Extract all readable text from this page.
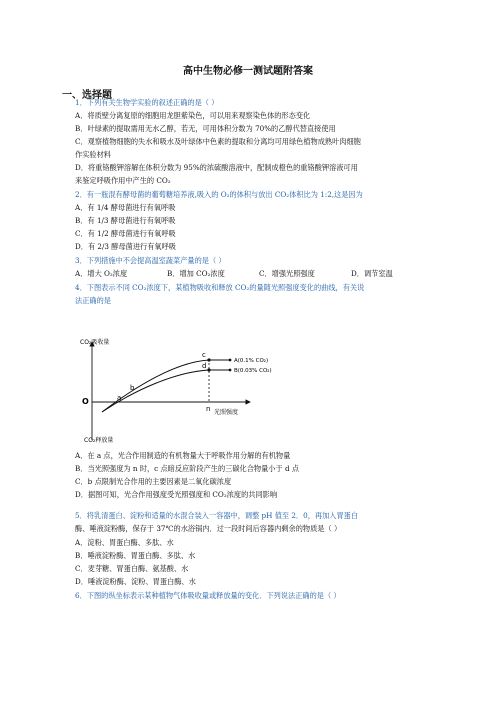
高中生物必修一测试题附答案
一、选择题
1．下列有关生物学实验的叙述正确的是（ ）
A．将质壁分离复原的细胞用龙胆紫染色，可以用来观察染色体的形态变化
B．叶绿素的提取需用无水乙醇，若无，可用体积分数为 70%的乙醇代替直接使用
C．观察植物细胞的失水和吸水及叶绿体中色素的提取和分离均可用绿色植物成熟叶肉细胞
作实验材料
D．将重铬酸钾溶解在体积分数为 95%的浓硫酸溶液中，配制成橙色的重铬酸钾溶液可用
来鉴定呼吸作用中产生的 CO₂
2．有一瓶混有酵母菌的葡萄糖培养液,吸入的 O₂的体积与放出 CO₂体积比为 1:2,这是因为
A．有 1/4 酵母菌进行有氧呼吸
B．有 1/3 酵母菌进行有氧呼吸
C．有 1/2 酵母菌进行有氧呼吸
D．有 2/3 酵母菌进行有氧呼吸
3．下列措施中不会提高温室蔬菜产量的是（ ）
A．增大 O₂浓度	B．增加 CO₂浓度	C．增强光照强度	D．调节室温
4．下图表示不同 CO₂浓度下，某植物吸收和释放 CO₂的量随光照强度变化的曲线，有关说
法正确的是
CO₂吸收量
CO₂释放量
光照强度
O
n
a
b
c
d
A(0.1% CO₂)
B(0.03% CO₂)
A．在 a 点，光合作用制造的有机物量大于呼吸作用分解的有机物量
B．当光照强度为 n 时，c 点暗反应阶段产生的三碳化合物量小于 d 点
C．b 点限制光合作用的主要因素是二氧化碳浓度
D．据图可知，光合作用强度受光照强度和 CO₂浓度的共同影响
5．将乳清蛋白、淀粉和适量的水混合装入一容器中，调整 pH 值至 2．0，再加入胃蛋白
酶、唾液淀粉酶，保存于 37℃的水浴锅内．过一段时间后容器内剩余的物质是（ ）
A．淀粉、胃蛋白酶、多肽、水
B．唾液淀粉酶、胃蛋白酶、多肽、水
C．麦芽糖、胃蛋白酶、氨基酸、水
D．唾液淀粉酶、淀粉、胃蛋白酶、水
6．下图的纵坐标表示某种植物气体吸收量或释放量的变化．下列说法正确的是（ ）
